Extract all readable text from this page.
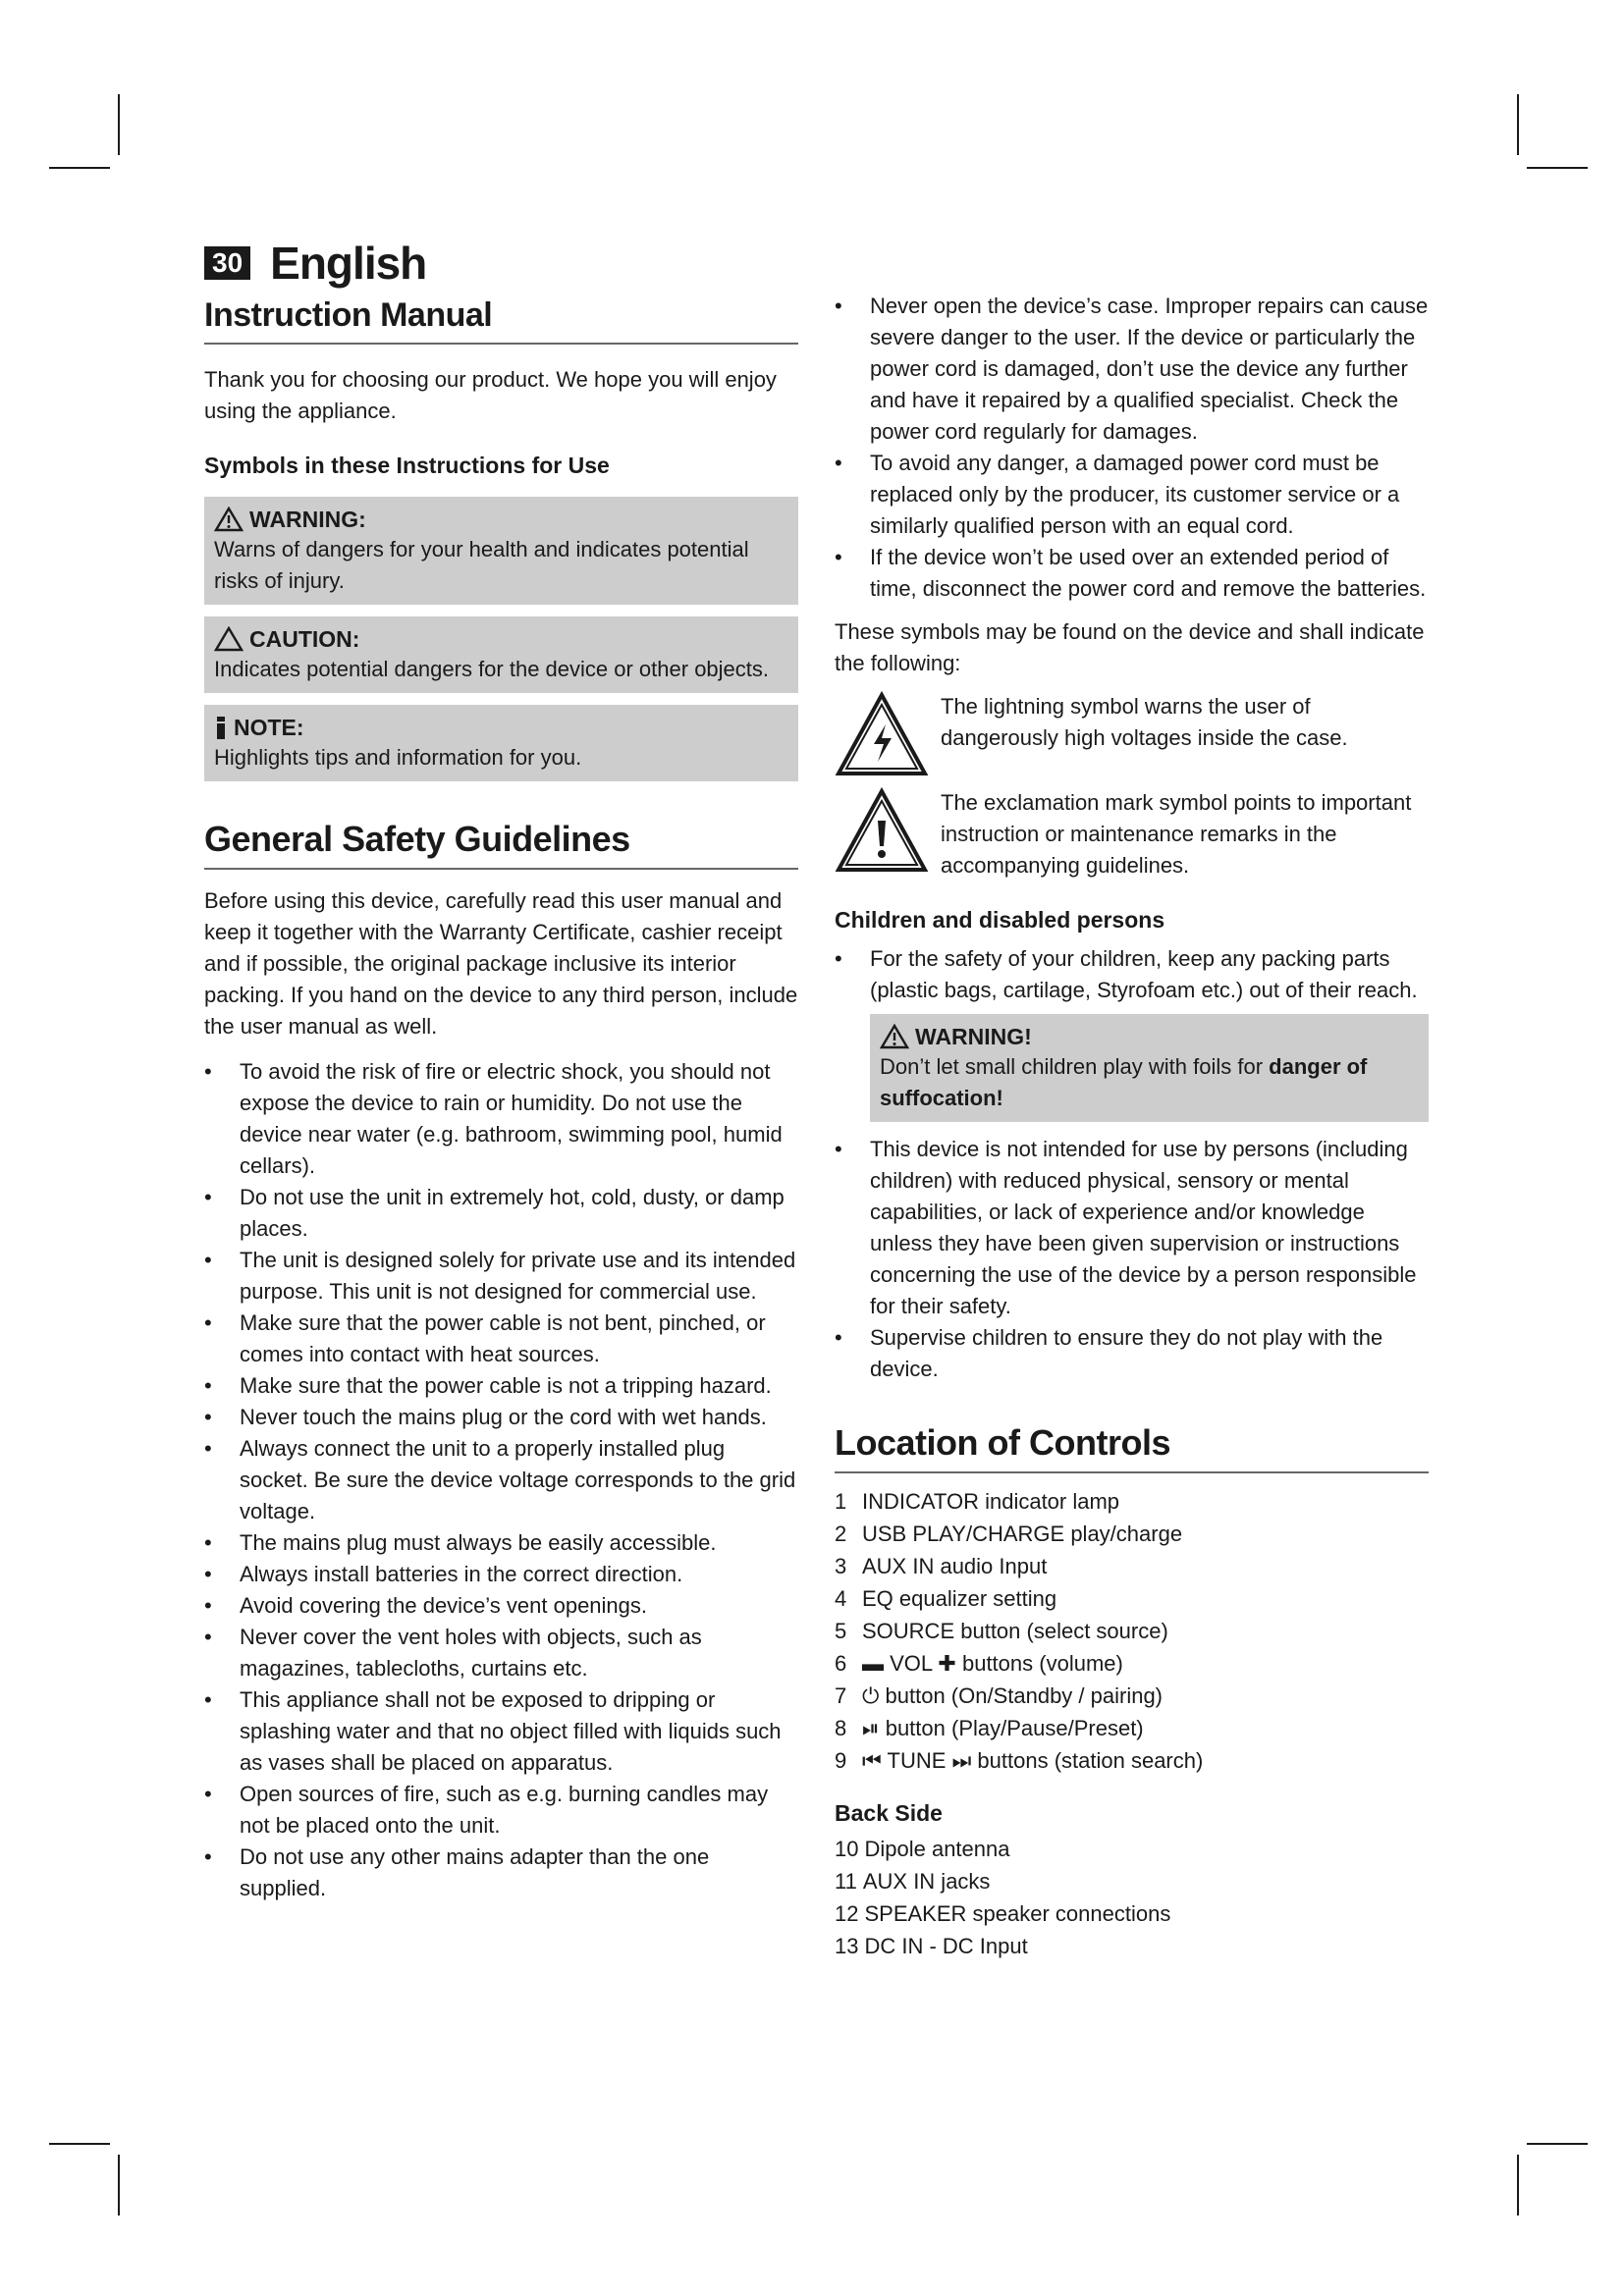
30 English
Instruction Manual

Thank you for choosing our product. We hope you will enjoy using the appliance.

Symbols in these Instructions for Use
WARNING:
Warns of dangers for your health and indicates potential risks of injury.
CAUTION:
Indicates potential dangers for the device or other objects.
NOTE:
Highlights tips and information for you.
General Safety Guidelines

Before using this device, carefully read this user manual and keep it together with the Warranty Certificate, cashier receipt and if possible, the original package inclusive its interior packing. If you hand on the device to any third person, include the user manual as well.

•	To avoid the risk of fire or electric shock, you should not expose the device to rain or humidity. Do not use the device near water (e.g. bathroom, swimming pool, humid cellars).
•	Do not use the unit in extremely hot, cold, dusty, or damp places.
•	The unit is designed solely for private use and its intended purpose. This unit is not designed for commercial use.
•	Make sure that the power cable is not bent, pinched, or comes into contact with heat sources.
•	Make sure that the power cable is not a tripping hazard.
•	Never touch the mains plug or the cord with wet hands.
•	Always connect the unit to a properly installed plug socket. Be sure the device voltage corresponds to the grid voltage.
•	The mains plug must always be easily accessible.
•	Always install batteries in the correct direction.
•	Avoid covering the device’s vent openings.
•	Never cover the vent holes with objects, such as magazines, tablecloths, curtains etc.
•	This appliance shall not be exposed to dripping or splashing water and that no object filled with liquids such as vases shall be placed on apparatus.
•	Open sources of fire, such as e.g. burning candles may not be placed onto the unit.
•	Do not use any other mains adapter than the one supplied.
•	Never open the device’s case. Improper repairs can cause severe danger to the user. If the device or particularly the power cord is damaged, don’t use the device any further and have it repaired by a qualified specialist. Check the power cord regularly for damages.
•	To avoid any danger, a damaged power cord must be replaced only by the producer, its customer service or a similarly qualified person with an equal cord.
•	If the device won’t be used over an extended period of time, disconnect the power cord and remove the batteries.

These symbols may be found on the device and shall indicate the following:

The lightning symbol warns the user of dangerously high voltages inside the case.

The exclamation mark symbol points to important instruction or maintenance remarks in the accompanying guidelines.

Children and disabled persons
•	For the safety of your children, keep any packing parts (plastic bags, cartilage, Styrofoam etc.) out of their reach.
WARNING!
Don’t let small children play with foils for danger of suffocation!
•	This device is not intended for use by persons (including children) with reduced physical, sensory or mental capabilities, or lack of experience and/or knowledge unless they have been given supervision or instructions concerning the use of the device by a person responsible for their safety.
•	Supervise children to ensure they do not play with the device.
Location of Controls
1 INDICATOR indicator lamp
2 USB PLAY/CHARGE play/charge
3 AUX IN audio Input
4 EQ equalizer setting
5 SOURCE button (select source)
6 ▬ VOL ✚ buttons (volume)
7 ⏻ button (On/Standby / pairing)
8 ⏯ button (Play/Pause/Preset)
9 ⏮ TUNE ⏭ buttons (station search)
Back Side
10 Dipole antenna
11 AUX IN jacks
12 SPEAKER speaker connections
13 DC IN - DC Input
